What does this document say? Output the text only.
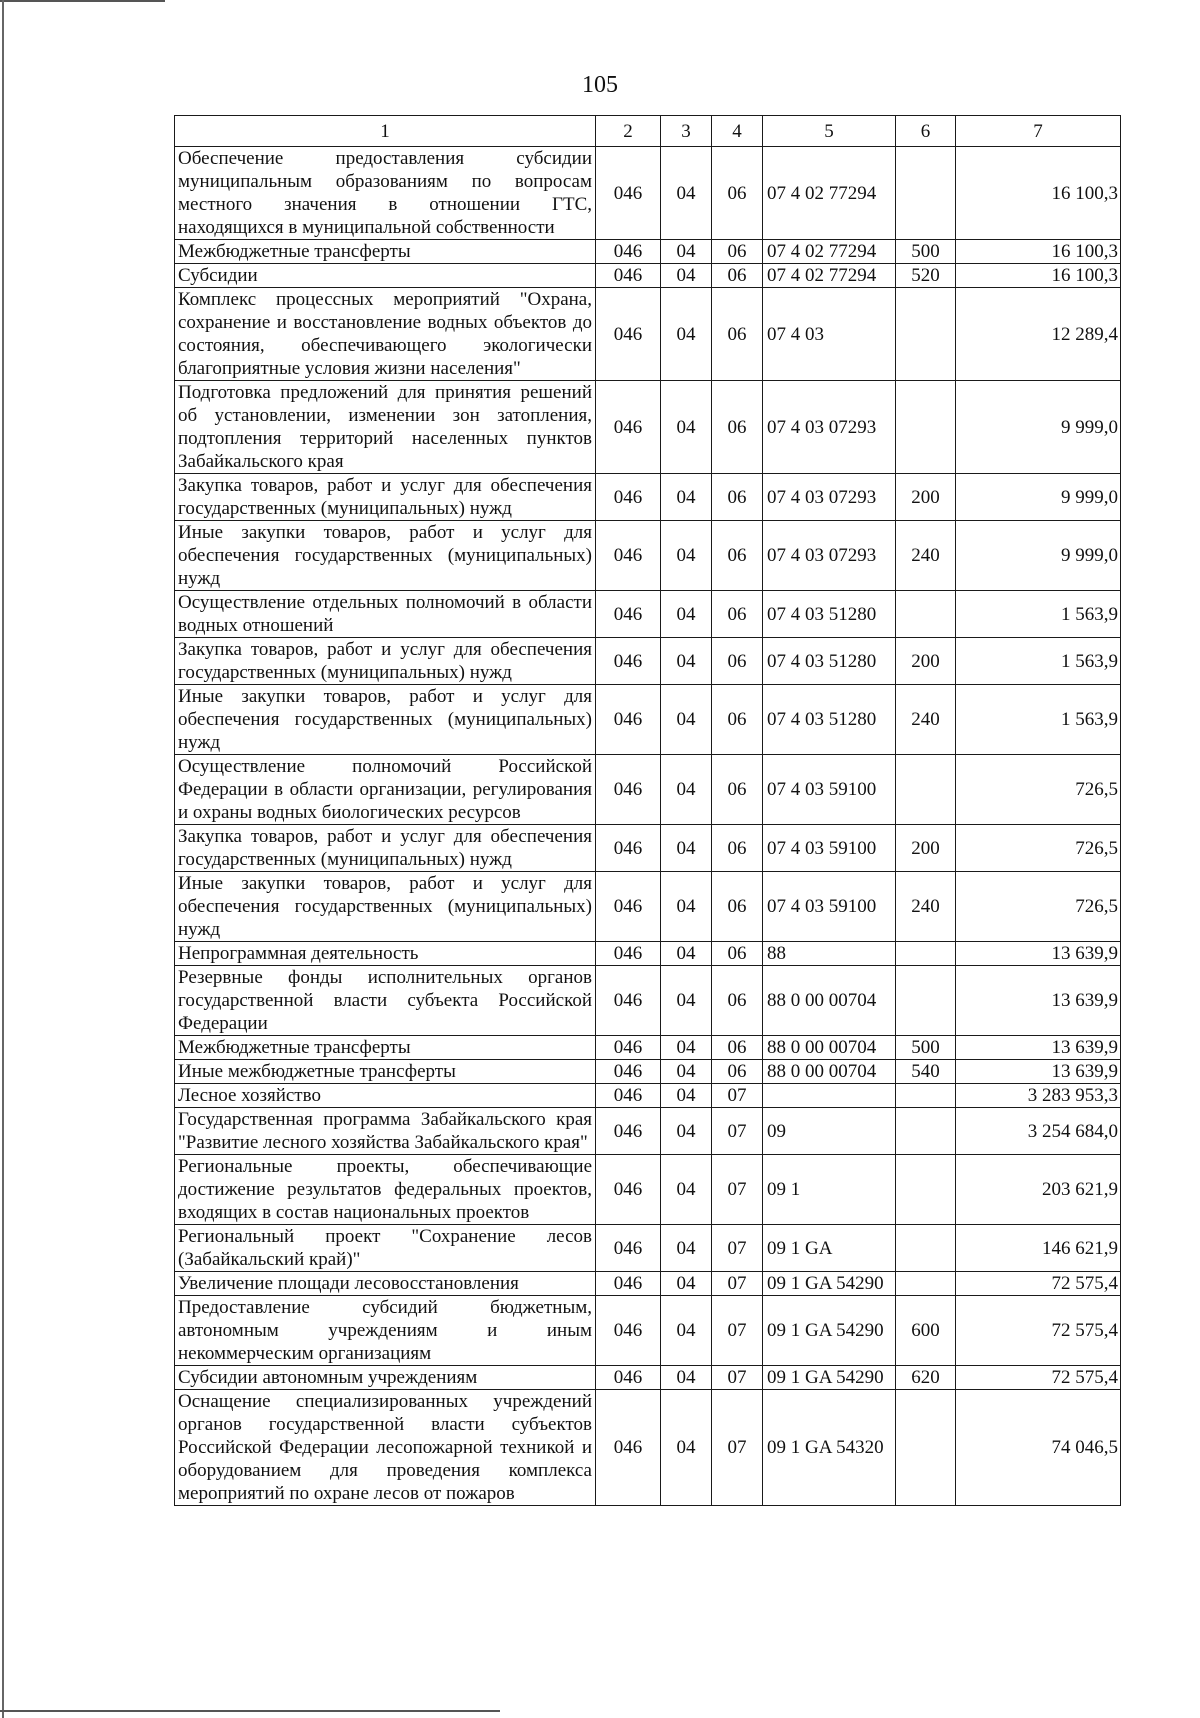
105
1	2	3	4	5	6	7
Обеспечение предоставления субсидии муниципальным образованиям по вопросам местного значения в отношении ГТС, находящихся в муниципальной собственности	046	04	06	07 4 02 77294		16 100,3
Межбюджетные трансферты	046	04	06	07 4 02 77294	500	16 100,3
Субсидии	046	04	06	07 4 02 77294	520	16 100,3
Комплекс процессных мероприятий "Охрана, сохранение и восстановление водных объектов до состояния, обеспечивающего экологически благоприятные условия жизни населения"	046	04	06	07 4 03		12 289,4
Подготовка предложений для принятия решений об установлении, изменении зон затопления, подтопления территорий населенных пунктов Забайкальского края	046	04	06	07 4 03 07293		9 999,0
Закупка товаров, работ и услуг для обеспечения государственных (муниципальных) нужд	046	04	06	07 4 03 07293	200	9 999,0
Иные закупки товаров, работ и услуг для обеспечения государственных (муниципальных) нужд	046	04	06	07 4 03 07293	240	9 999,0
Осуществление отдельных полномочий в области водных отношений	046	04	06	07 4 03 51280		1 563,9
Закупка товаров, работ и услуг для обеспечения государственных (муниципальных) нужд	046	04	06	07 4 03 51280	200	1 563,9
Иные закупки товаров, работ и услуг для обеспечения государственных (муниципальных) нужд	046	04	06	07 4 03 51280	240	1 563,9
Осуществление полномочий Российской Федерации в области организации, регулирования и охраны водных биологических ресурсов	046	04	06	07 4 03 59100		726,5
Закупка товаров, работ и услуг для обеспечения государственных (муниципальных) нужд	046	04	06	07 4 03 59100	200	726,5
Иные закупки товаров, работ и услуг для обеспечения государственных (муниципальных) нужд	046	04	06	07 4 03 59100	240	726,5
Непрограммная деятельность	046	04	06	88		13 639,9
Резервные фонды исполнительных органов государственной власти субъекта Российской Федерации	046	04	06	88 0 00 00704		13 639,9
Межбюджетные трансферты	046	04	06	88 0 00 00704	500	13 639,9
Иные межбюджетные трансферты	046	04	06	88 0 00 00704	540	13 639,9
Лесное хозяйство	046	04	07			3 283 953,3
Государственная программа Забайкальского края "Развитие лесного хозяйства Забайкальского края"	046	04	07	09		3 254 684,0
Региональные проекты, обеспечивающие достижение результатов федеральных проектов, входящих в состав национальных проектов	046	04	07	09 1		203 621,9
Региональный проект "Сохранение лесов (Забайкальский край)"	046	04	07	09 1 GA		146 621,9
Увеличение площади лесовосстановления	046	04	07	09 1 GA 54290		72 575,4
Предоставление субсидий бюджетным, автономным учреждениям и иным некоммерческим организациям	046	04	07	09 1 GA 54290	600	72 575,4
Субсидии автономным учреждениям	046	04	07	09 1 GA 54290	620	72 575,4
Оснащение специализированных учреждений органов государственной власти субъектов Российской Федерации лесопожарной техникой и оборудованием для проведения комплекса мероприятий по охране лесов от пожаров	046	04	07	09 1 GA 54320		74 046,5
